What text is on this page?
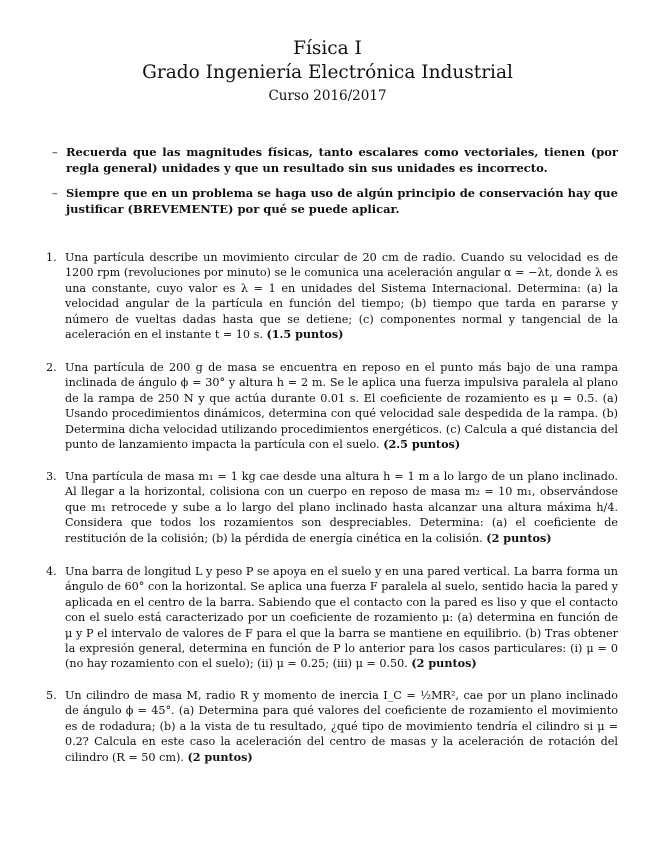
Física I
Grado Ingeniería Electrónica Industrial
Curso 2016/2017
– Recuerda que las magnitudes físicas, tanto escalares como vectoriales, tienen (por regla general) unidades y que un resultado sin sus unidades es incorrecto.
– Siempre que en un problema se haga uso de algún principio de conservación hay que justificar (BREVEMENTE) por qué se puede aplicar.
1. Una partícula describe un movimiento circular de 20 cm de radio. Cuando su velocidad es de 1200 rpm (revoluciones por minuto) se le comunica una aceleración angular α = −λt, donde λ es una constante, cuyo valor es λ = 1 en unidades del Sistema Internacional. Determina: (a) la velocidad angular de la partícula en función del tiempo; (b) tiempo que tarda en pararse y número de vueltas dadas hasta que se detiene; (c) componentes normal y tangencial de la aceleración en el instante t = 10 s. (1.5 puntos)
2. Una partícula de 200 g de masa se encuentra en reposo en el punto más bajo de una rampa inclinada de ángulo ϕ = 30° y altura h = 2 m. Se le aplica una fuerza impulsiva paralela al plano de la rampa de 250 N y que actúa durante 0.01 s. El coeficiente de rozamiento es μ = 0.5. (a) Usando procedimientos dinámicos, determina con qué velocidad sale despedida de la rampa. (b) Determina dicha velocidad utilizando procedimientos energéticos. (c) Calcula a qué distancia del punto de lanzamiento impacta la partícula con el suelo. (2.5 puntos)
3. Una partícula de masa m₁ = 1 kg cae desde una altura h = 1 m a lo largo de un plano inclinado. Al llegar a la horizontal, colisiona con un cuerpo en reposo de masa m₂ = 10 m₁, observándose que m₁ retrocede y sube a lo largo del plano inclinado hasta alcanzar una altura máxima h/4. Considera que todos los rozamientos son despreciables. Determina: (a) el coeficiente de restitución de la colisión; (b) la pérdida de energía cinética en la colisión. (2 puntos)
4. Una barra de longitud L y peso P se apoya en el suelo y en una pared vertical. La barra forma un ángulo de 60° con la horizontal. Se aplica una fuerza F paralela al suelo, sentido hacia la pared y aplicada en el centro de la barra. Sabiendo que el contacto con la pared es liso y que el contacto con el suelo está caracterizado por un coeficiente de rozamiento μ: (a) determina en función de μ y P el intervalo de valores de F para el que la barra se mantiene en equilibrio. (b) Tras obtener la expresión general, determina en función de P lo anterior para los casos particulares: (i) μ = 0 (no hay rozamiento con el suelo); (ii) μ = 0.25; (iii) μ = 0.50. (2 puntos)
5. Un cilindro de masa M, radio R y momento de inercia I_C = ½MR², cae por un plano inclinado de ángulo ϕ = 45°. (a) Determina para qué valores del coeficiente de rozamiento el movimiento es de rodadura; (b) a la vista de tu resultado, ¿qué tipo de movimiento tendría el cilindro si μ = 0.2? Calcula en este caso la aceleración del centro de masas y la aceleración de rotación del cilindro (R = 50 cm). (2 puntos)
